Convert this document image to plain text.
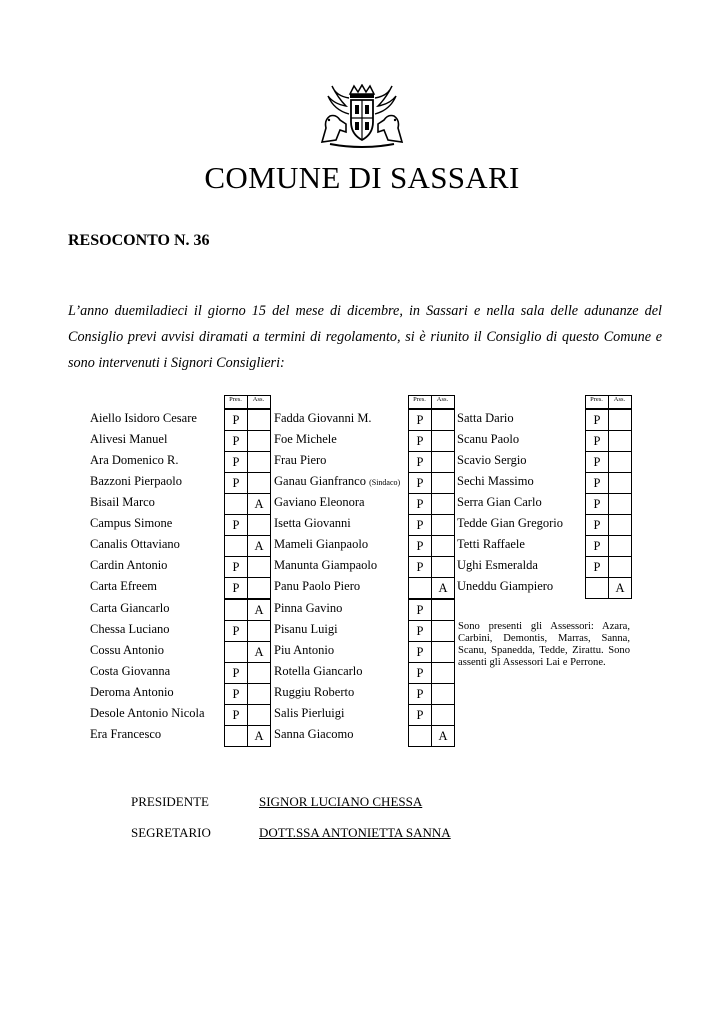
COMUNE DI SASSARI
RESOCONTO N. 36
L’anno duemiladieci il giorno 15 del mese di dicembre, in Sassari e nella sala delle adunanze del Consiglio previ avvisi diramati a termini di regolamento, si è riunito il Consiglio di questo Comune e sono intervenuti i Signori Consiglieri:
Pres.	Ass.
Aiello Isidoro Cesare	P
Alivesi Manuel	P
Ara Domenico R.	P
Bazzoni Pierpaolo	P
Bisail Marco	A
Campus Simone	P
Canalis Ottaviano	A
Cardin Antonio	P
Carta Efreem	P
Carta Giancarlo	A
Chessa Luciano	P
Cossu Antonio	A
Costa Giovanna	P
Deroma Antonio	P
Desole Antonio Nicola	P
Era Francesco	A
Pres.	Ass.
Fadda Giovanni M.	P
Foe Michele	P
Frau Piero	P
Ganau Gianfranco (Sindaco)	P
Gaviano Eleonora	P
Isetta Giovanni	P
Mameli Gianpaolo	P
Manunta Giampaolo	P
Panu Paolo Piero	A
Pinna Gavino	P
Pisanu Luigi	P
Piu Antonio	P
Rotella Giancarlo	P
Ruggiu Roberto	P
Salis Pierluigi	P
Sanna Giacomo	A
Pres.	Ass.
Satta Dario	P
Scanu Paolo	P
Scavio Sergio	P
Sechi Massimo	P
Serra Gian Carlo	P
Tedde Gian Gregorio	P
Tetti Raffaele	P
Ughi Esmeralda	P
Uneddu Giampiero	A
Sono presenti gli Assessori: Azara, Carbini, Demontis, Marras, Sanna, Scanu, Spanedda, Tedde, Zirattu. Sono assenti gli Assessori Lai e Perrone.
PRESIDENTE	SIGNOR LUCIANO CHESSA
SEGRETARIO	DOTT.SSA ANTONIETTA SANNA
